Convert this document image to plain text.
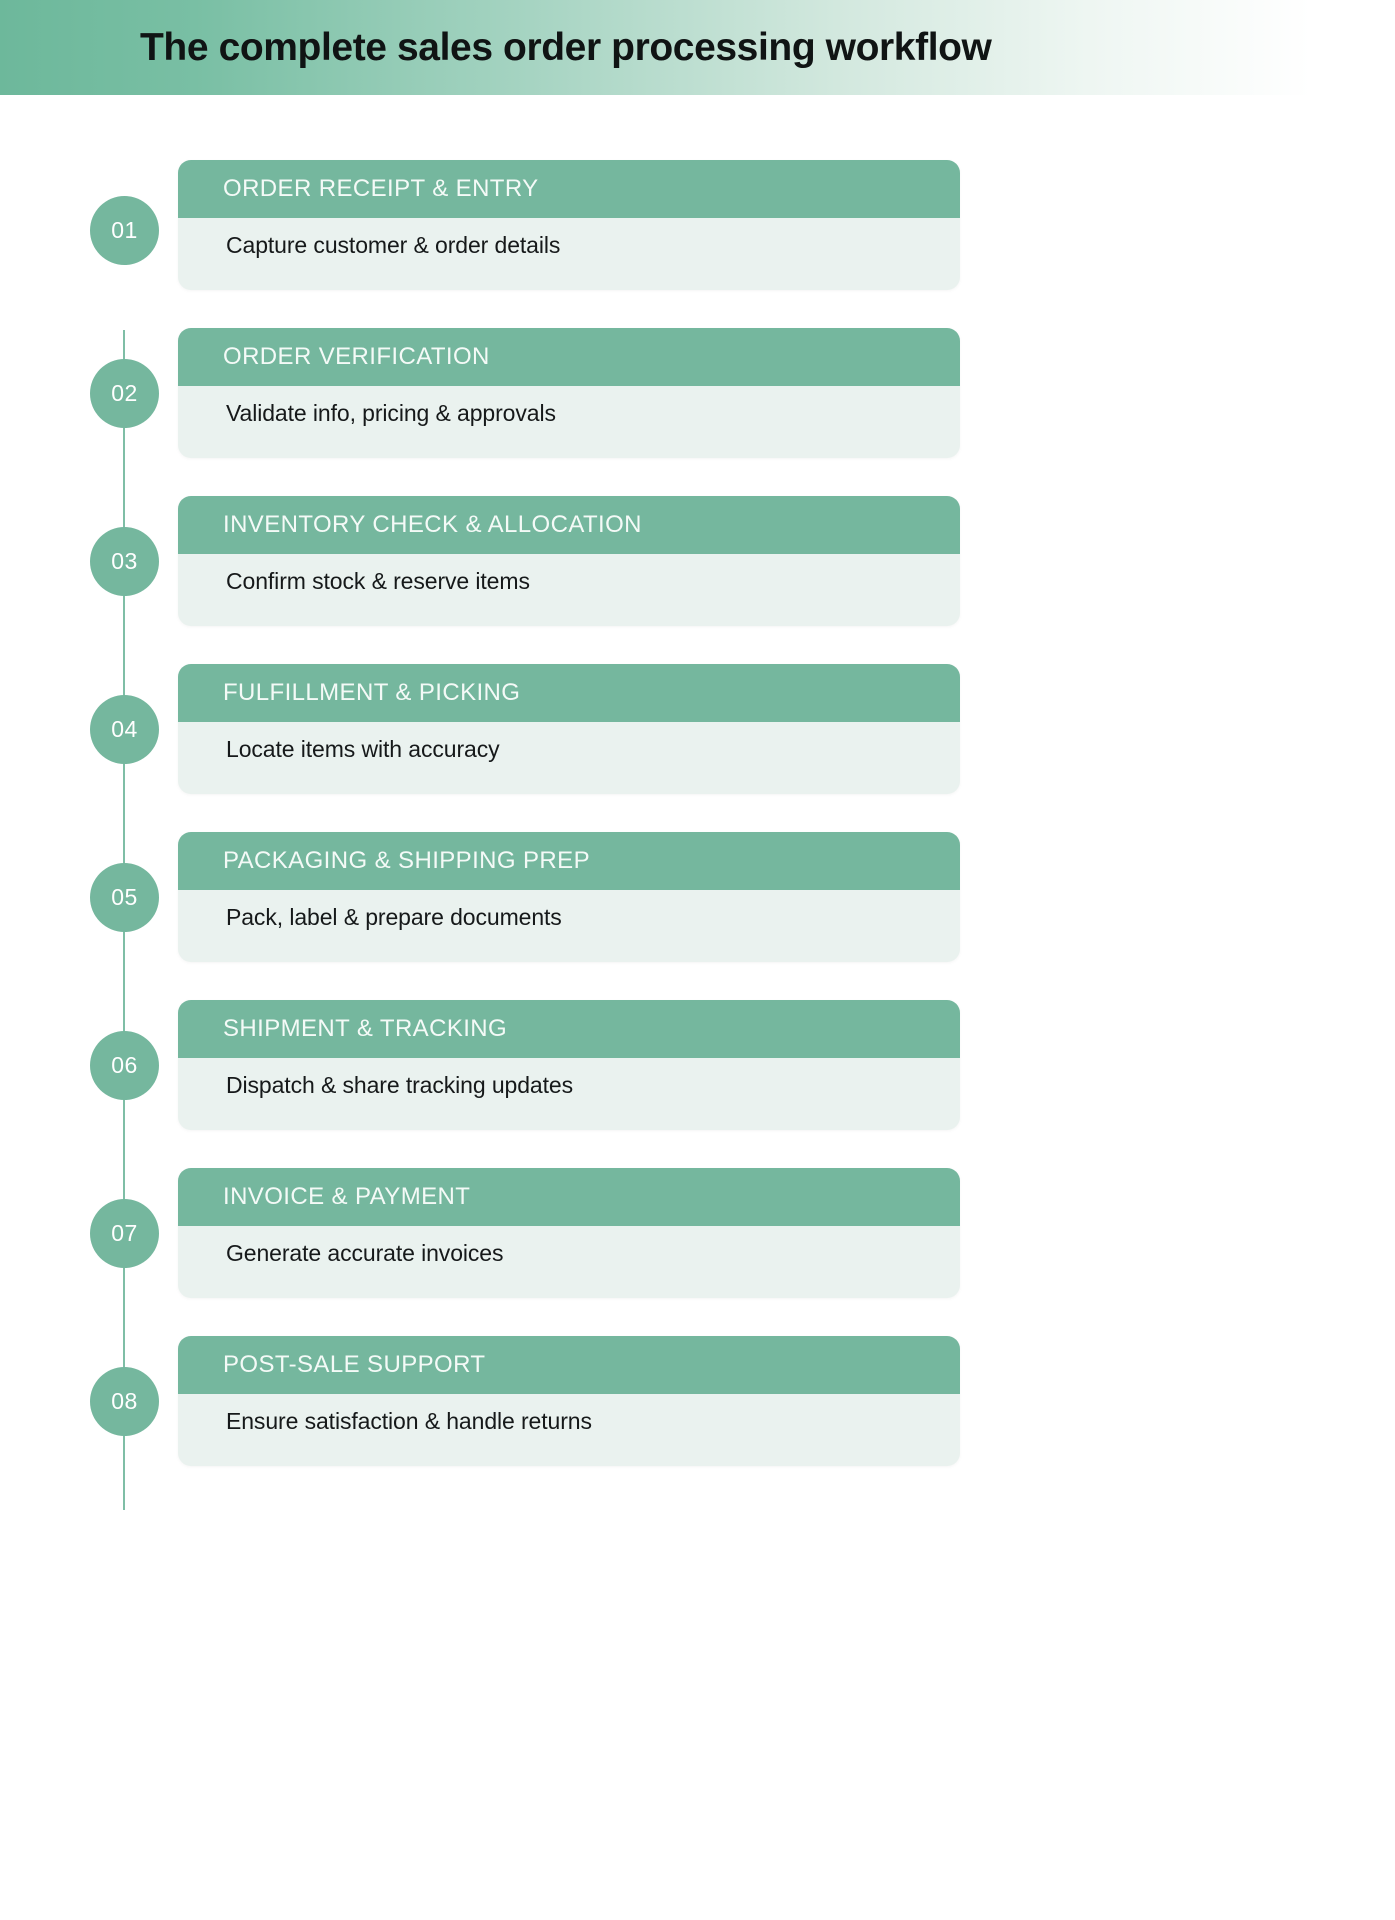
The complete sales order processing workflow
01
ORDER RECEIPT & ENTRY
Capture customer & order details
02
ORDER VERIFICATION
Validate info, pricing & approvals
03
INVENTORY CHECK & ALLOCATION
Confirm stock & reserve items
04
FULFILLMENT & PICKING
Locate items with accuracy
05
PACKAGING & SHIPPING PREP
Pack, label & prepare documents
06
SHIPMENT & TRACKING
Dispatch & share tracking updates
07
INVOICE & PAYMENT
Generate accurate invoices
08
POST-SALE SUPPORT
Ensure satisfaction & handle returns
